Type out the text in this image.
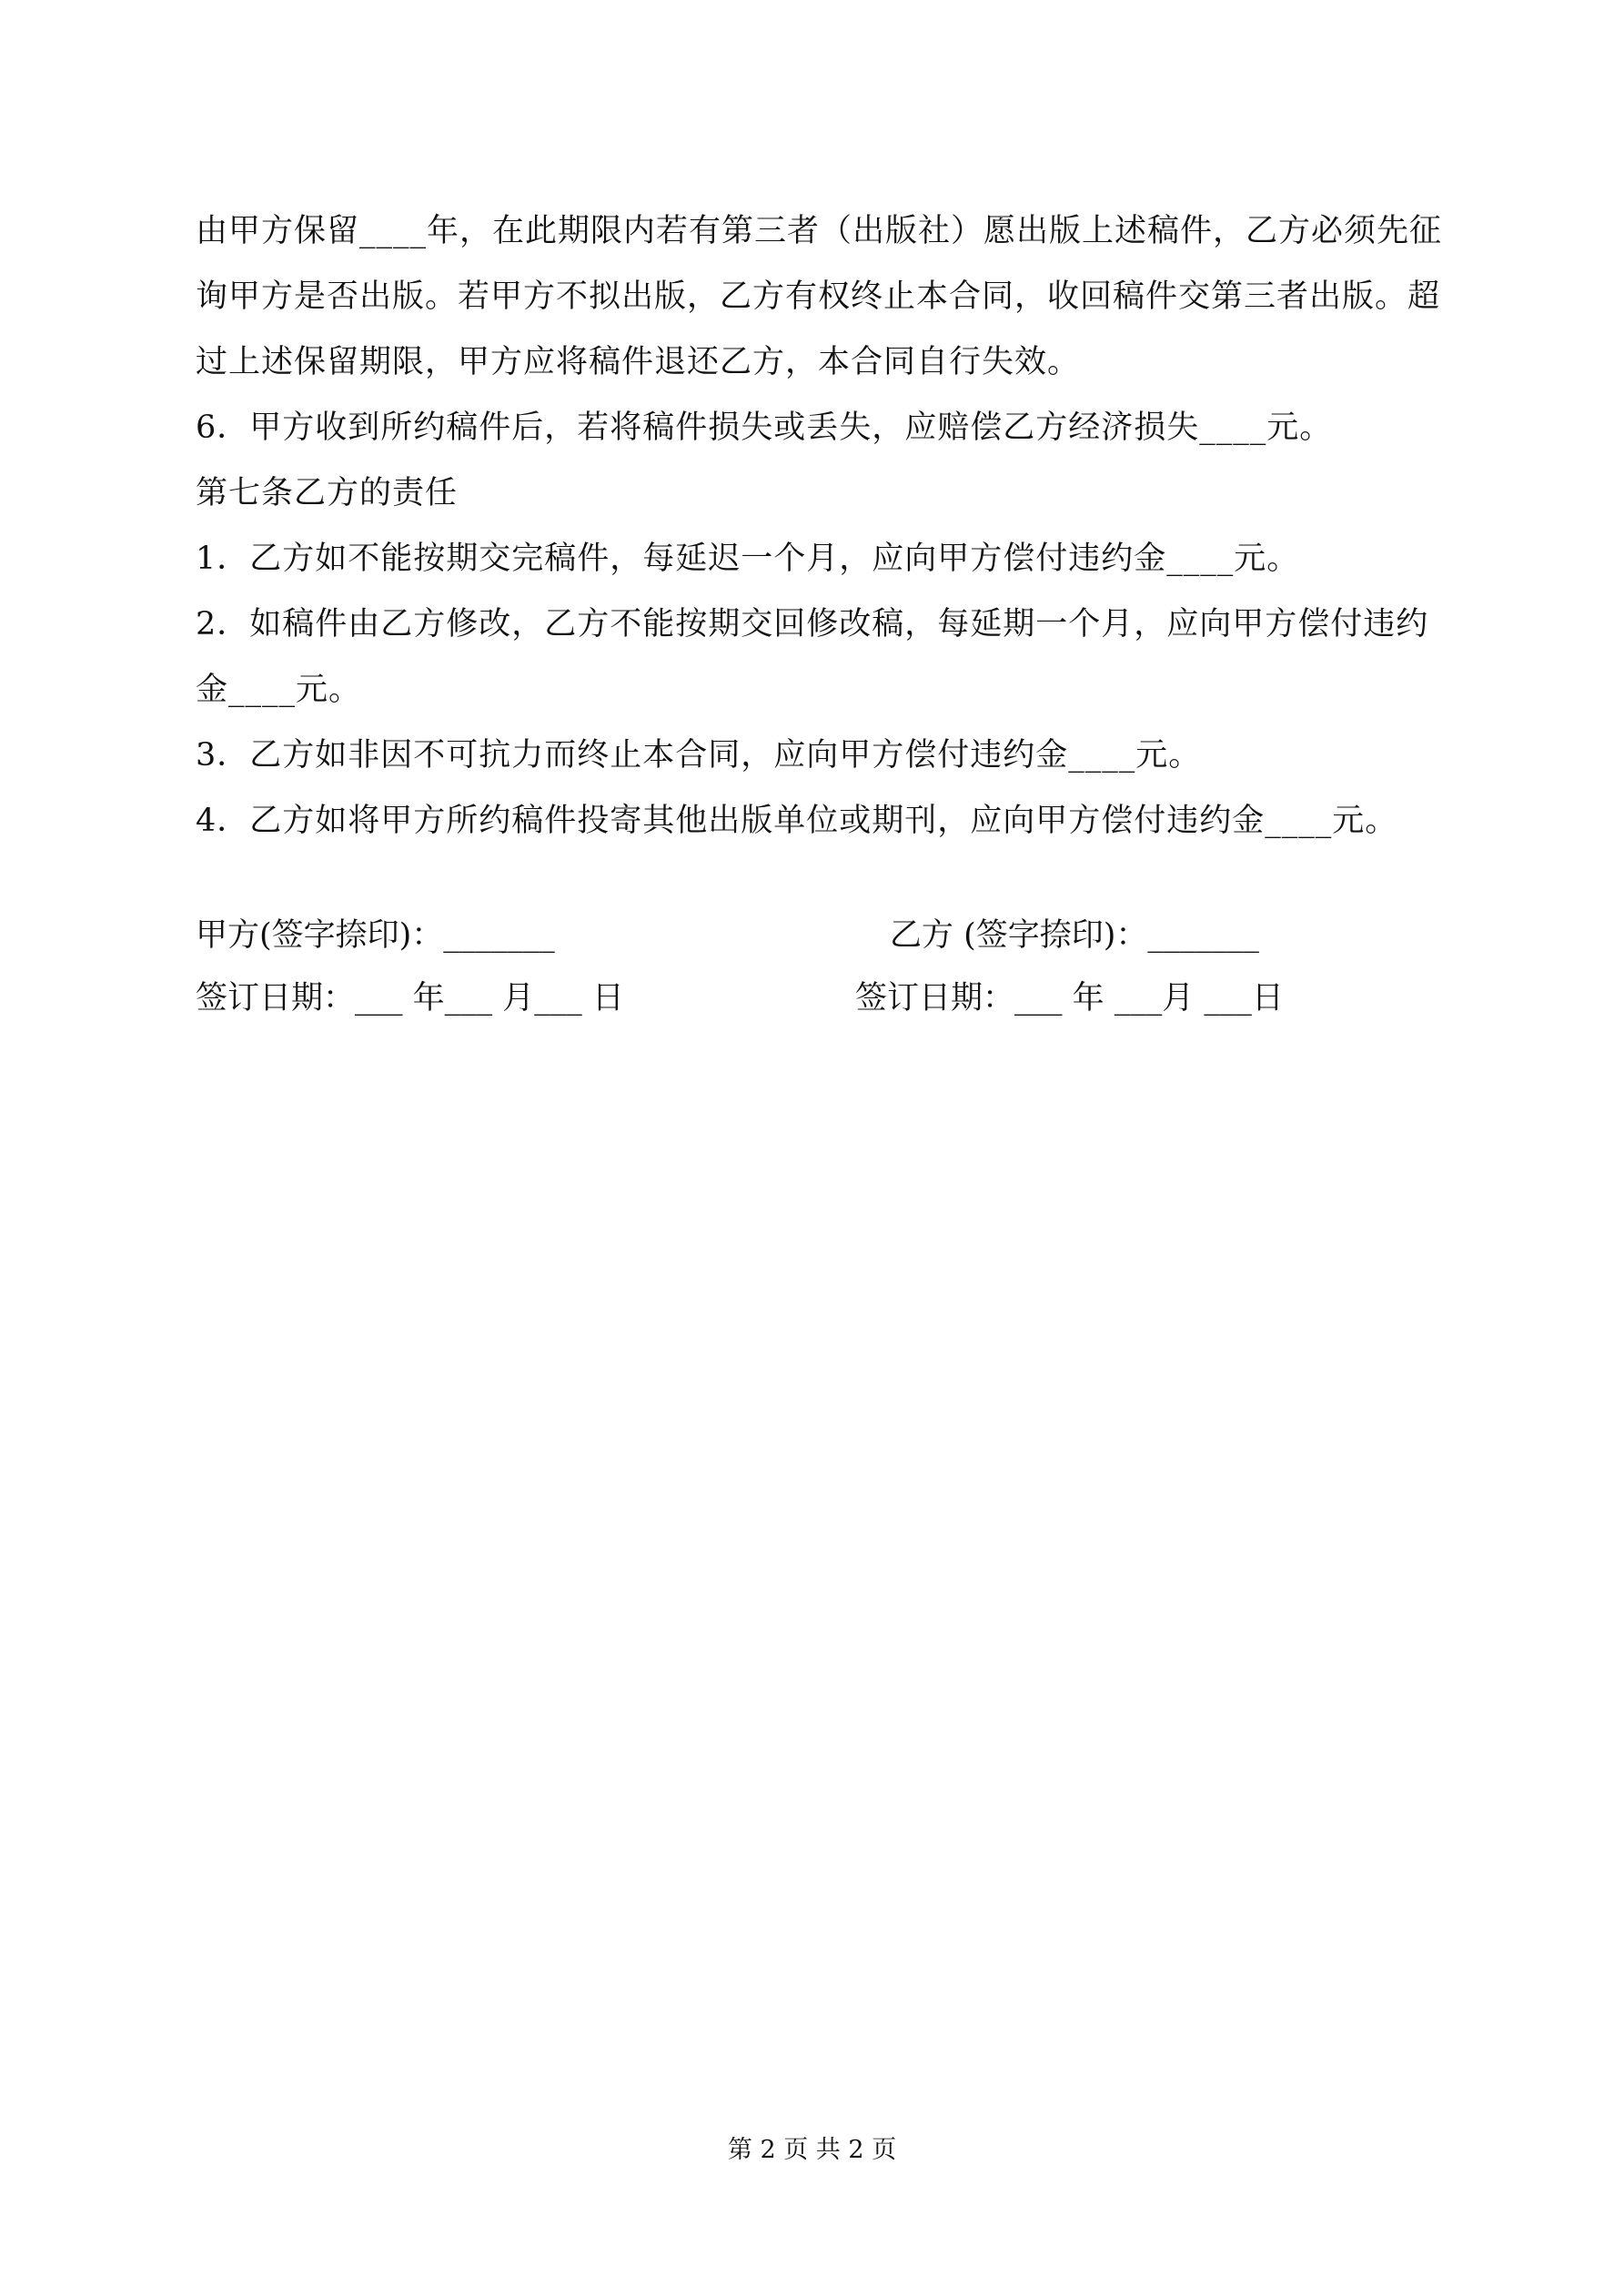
由甲方保留____年，在此期限内若有第三者（出版社）愿出版上述稿件，乙方必须先征

询甲方是否出版。若甲方不拟出版，乙方有权终止本合同，收回稿件交第三者出版。超

过上述保留期限，甲方应将稿件退还乙方，本合同自行失效。

6．甲方收到所约稿件后，若将稿件损失或丢失，应赔偿乙方经济损失____元。

第七条乙方的责任

1．乙方如不能按期交完稿件，每延迟一个月，应向甲方偿付违约金____元。

2．如稿件由乙方修改，乙方不能按期交回修改稿，每延期一个月，应向甲方偿付违约

金____元。

3．乙方如非因不可抗力而终止本合同，应向甲方偿付违约金____元。

4．乙方如将甲方所约稿件投寄其他出版单位或期刊，应向甲方偿付违约金____元。

甲方(签字捺印)：_______	乙方 (签字捺印)：_______
签订日期：___ 年___ 月___ 日	签订日期：___ 年 ___月 ___日
第 2 页 共 2 页
